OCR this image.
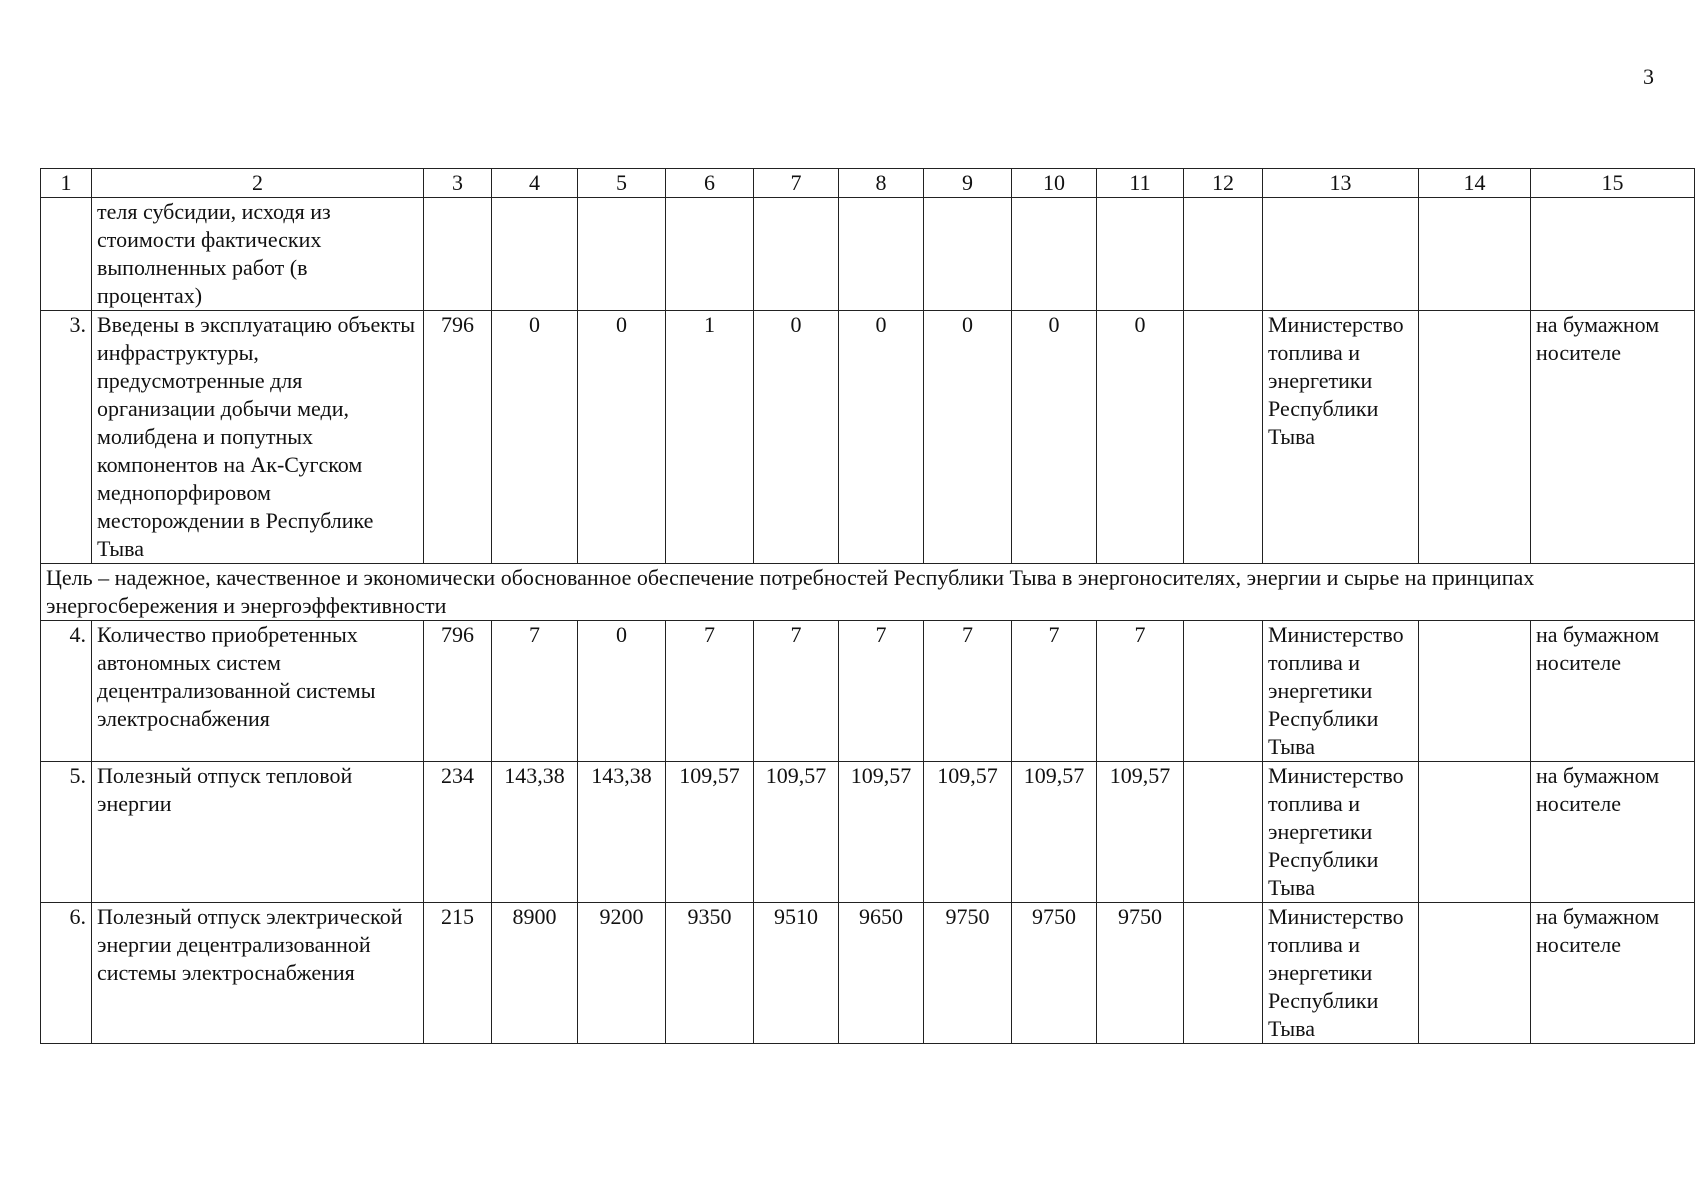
3
1	2	3	4	5	6	7	8	9	10	11	12	13	14	15
	теля субсидии, исходя из стоимости фактических выполненных работ (в процентах)													
3.	Введены в эксплуатацию объекты инфраструктуры, предусмотренные для организации добычи меди, молибдена и попутных компонентов на Ак-Сугском меднопорфировом месторождении в Республике Тыва	796	0	0	1	0	0	0	0	0		Министерство топлива и энергетики Республики Тыва		на бумажном носителе
Цель – надежное, качественное и экономически обоснованное обеспечение потребностей Республики Тыва в энергоносителях, энергии и сырье на принципах энергосбережения и энергоэффективности														
4.	Количество приобретенных автономных систем децентрализованной системы электроснабжения	796	7	0	7	7	7	7	7	7		Министерство топлива и энергетики Республики Тыва		на бумажном носителе
5.	Полезный отпуск тепловой энергии	234	143,38	143,38	109,57	109,57	109,57	109,57	109,57	109,57		Министерство топлива и энергетики Республики Тыва		на бумажном носителе
6.	Полезный отпуск электрической энергии децентрализованной системы электроснабжения	215	8900	9200	9350	9510	9650	9750	9750	9750		Министерство топлива и энергетики Республики Тыва		на бумажном носителе
